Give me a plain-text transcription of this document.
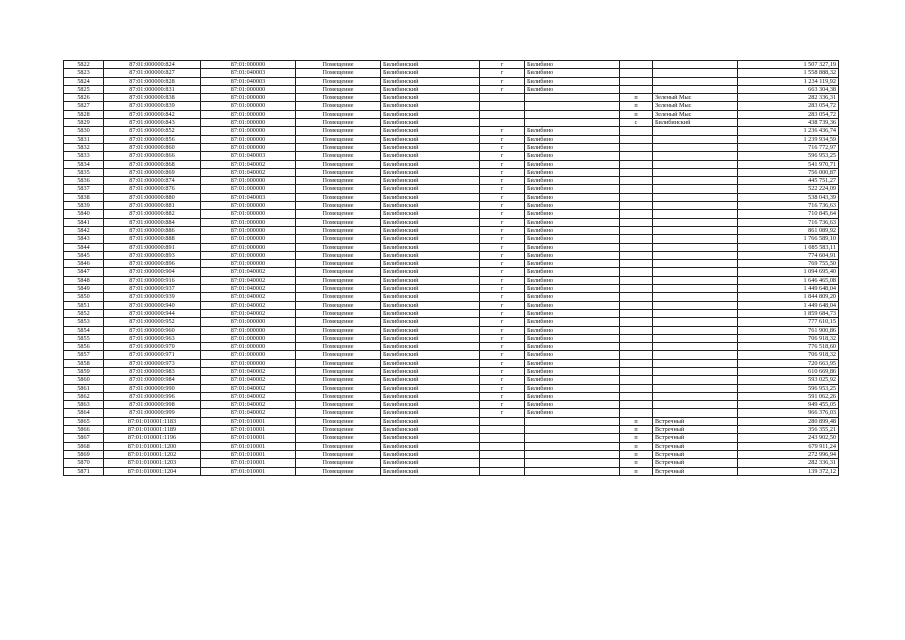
5822	87:01:000000:824	87:01:000000	Помещение	Билибинский	г	Билибино			1 507 327,19
5823	87:01:000000:827	87:01:040003	Помещение	Билибинский	г	Билибино			1 558 888,32
5824	87:01:000000:828	87:01:040003	Помещение	Билибинский	г	Билибино			1 234 119,92
5825	87:01:000000:831	87:01:000000	Помещение	Билибинский	г	Билибино			663 304,38
5826	87:01:000000:838	87:01:000000	Помещение	Билибинский			п	Зеленый Мыс	282 336,31
5827	87:01:000000:839	87:01:000000	Помещение	Билибинский			п	Зеленый Мыс	283 054,72
5828	87:01:000000:842	87:01:000000	Помещение	Билибинский			п	Зеленый Мыс	283 054,72
5829	87:01:000000:843	87:01:000000	Помещение	Билибинский			с	Билибинский	438 739,36
5830	87:01:000000:852	87:01:000000	Помещение	Билибинский	г	Билибино			1 236 436,74
5831	87:01:000000:856	87:01:000000	Помещение	Билибинский	г	Билибино			1 239 934,59
5832	87:01:000000:860	87:01:000000	Помещение	Билибинский	г	Билибино			716 772,97
5833	87:01:000000:866	87:01:040003	Помещение	Билибинский	г	Билибино			596 953,25
5834	87:01:000000:868	87:01:040002	Помещение	Билибинский	г	Билибино			541 970,71
5835	87:01:000000:869	87:01:040002	Помещение	Билибинский	г	Билибино			756 000,87
5836	87:01:000000:874	87:01:000000	Помещение	Билибинский	г	Билибино			445 751,27
5837	87:01:000000:876	87:01:000000	Помещение	Билибинский	г	Билибино			522 224,09
5838	87:01:000000:880	87:01:040003	Помещение	Билибинский	г	Билибино			538 043,39
5839	87:01:000000:881	87:01:000000	Помещение	Билибинский	г	Билибино			716 736,63
5840	87:01:000000:882	87:01:000000	Помещение	Билибинский	г	Билибино			710 845,64
5841	87:01:000000:884	87:01:000000	Помещение	Билибинский	г	Билибино			716 736,63
5842	87:01:000000:886	87:01:000000	Помещение	Билибинский	г	Билибино			861 089,92
5843	87:01:000000:888	87:01:000000	Помещение	Билибинский	г	Билибино			1 766 589,10
5844	87:01:000000:891	87:01:000000	Помещение	Билибинский	г	Билибино			1 085 583,11
5845	87:01:000000:893	87:01:000000	Помещение	Билибинский	г	Билибино			774 604,91
5846	87:01:000000:896	87:01:000000	Помещение	Билибинский	г	Билибино			769 755,50
5847	87:01:000000:904	87:01:040002	Помещение	Билибинский	г	Билибино			1 094 695,40
5848	87:01:000000:916	87:01:040002	Помещение	Билибинский	г	Билибино			1 646 465,08
5849	87:01:000000:937	87:01:040002	Помещение	Билибинский	г	Билибино			1 449 648,04
5850	87:01:000000:939	87:01:040002	Помещение	Билибинский	г	Билибино			1 844 809,20
5851	87:01:000000:940	87:01:040002	Помещение	Билибинский	г	Билибино			1 449 648,04
5852	87:01:000000:944	87:01:040002	Помещение	Билибинский	г	Билибино			1 859 684,73
5853	87:01:000000:952	87:01:000000	Помещение	Билибинский	г	Билибино			777 610,15
5854	87:01:000000:960	87:01:000000	Помещение	Билибинский	г	Билибино			761 900,86
5855	87:01:000000:963	87:01:000000	Помещение	Билибинский	г	Билибино			706 918,32
5856	87:01:000000:970	87:01:000000	Помещение	Билибинский	г	Билибино			776 518,60
5857	87:01:000000:971	87:01:000000	Помещение	Билибинский	г	Билибино			706 918,32
5858	87:01:000000:973	87:01:000000	Помещение	Билибинский	г	Билибино			720 663,95
5859	87:01:000000:983	87:01:040002	Помещение	Билибинский	г	Билибино			610 669,86
5860	87:01:000000:984	87:01:040002	Помещение	Билибинский	г	Билибино			593 025,92
5861	87:01:000000:990	87:01:040002	Помещение	Билибинский	г	Билибино			596 953,25
5862	87:01:000000:996	87:01:040002	Помещение	Билибинский	г	Билибино			591 062,26
5863	87:01:000000:998	87:01:040002	Помещение	Билибинский	г	Билибино			949 455,05
5864	87:01:000000:999	87:01:040002	Помещение	Билибинский	г	Билибино			966 376,03
5865	87:01:010001:1183	87:01:010001	Помещение	Билибинский			п	Встречный	280 899,48
5866	87:01:010001:1189	87:01:010001	Помещение	Билибинский			п	Встречный	356 355,21
5867	87:01:010001:1196	87:01:010001	Помещение	Билибинский			п	Встречный	243 902,50
5868	87:01:010001:1200	87:01:010001	Помещение	Билибинский			п	Встречный	679 911,24
5869	87:01:010001:1202	87:01:010001	Помещение	Билибинский			п	Встречный	272 996,94
5870	87:01:010001:1203	87:01:010001	Помещение	Билибинский			п	Встречный	282 336,31
5871	87:01:010001:1204	87:01:010001	Помещение	Билибинский			п	Встречный	139 372,12
